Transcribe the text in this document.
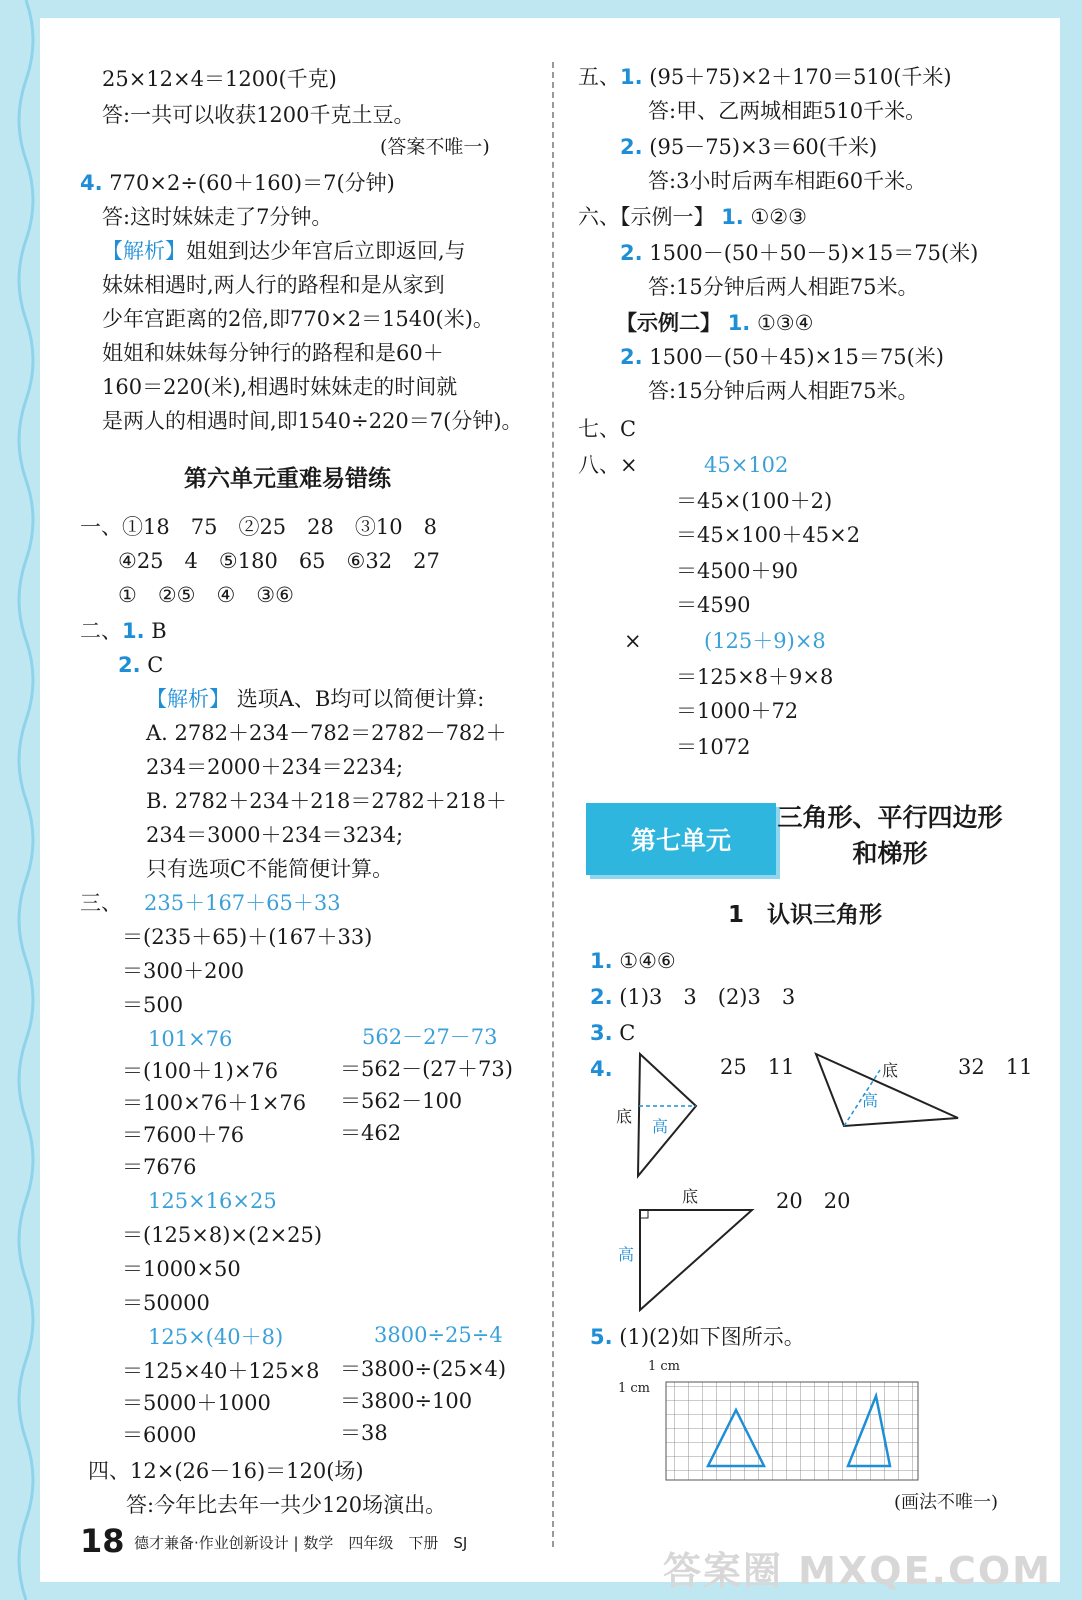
25×12×4＝1200(千克)
答:一共可以收获1200千克土豆。
(答案不唯一)
4. 770×2÷(60＋160)＝7(分钟)
答:这时妹妹走了7分钟。
【解析】姐姐到达少年宫后立即返回,与
妹妹相遇时,两人行的路程和是从家到
少年宫距离的2倍,即770×2＝1540(米)。
姐姐和妹妹每分钟行的路程和是60＋
160＝220(米),相遇时妹妹走的时间就
是两人的相遇时间,即1540÷220＝7(分钟)。
第六单元重难易错练
一、①18　75　②25　28　③10　8
④25　4　⑤180　65　⑥32　27
①　②⑤　④　③⑥
二、1. B
2. C
【解析】 选项A、B均可以简便计算:
A. 2782＋234－782＝2782－782＋
234＝2000＋234＝2234;
B. 2782＋234＋218＝2782＋218＋
234＝3000＋234＝3234;
只有选项C不能简便计算。
三、 235＋167＋65＋33
＝(235＋65)＋(167＋33)
＝300＋200
＝500
101×76
＝(100＋1)×76
＝100×76＋1×76
＝7600＋76
＝7676
562－27－73
＝562－(27＋73)
＝562－100
＝462
125×16×25
＝(125×8)×(2×25)
＝1000×50
＝50000
125×(40＋8)
＝125×40＋125×8
＝5000＋1000
＝6000
3800÷25÷4
＝3800÷(25×4)
＝3800÷100
＝38
四、12×(26－16)＝120(场)
答:今年比去年一共少120场演出。
五、1. (95＋75)×2＋170＝510(千米)
答:甲、乙两城相距510千米。
2. (95－75)×3＝60(千米)
答:3小时后两车相距60千米。
六、【示例一】 1. ①②③
2. 1500－(50＋50－5)×15＝75(米)
答:15分钟后两人相距75米。
【示例二】 1. ①③④
2. 1500－(50＋45)×15＝75(米)
答:15分钟后两人相距75米。
七、C
八、×	45×102
＝45×(100＋2)
＝45×100＋45×2
＝4500＋90
＝4590
×	(125＋9)×8
＝125×8＋9×8
＝1000＋72
＝1072
第七单元
三角形、平行四边形
和梯形
1　 认识三角形
1. ①④⑥
2. (1)3　3　(2)3　3
3. C
4.	25　11	32　11
20　20
底
高
底
高
底
高
5. (1)(2)如下图所示。
1 cm
1 cm
(画法不唯一)
18 德才兼备·作业创新设计 | 数学　四年级　下册　SJ
答案圈 MXQE.COM
